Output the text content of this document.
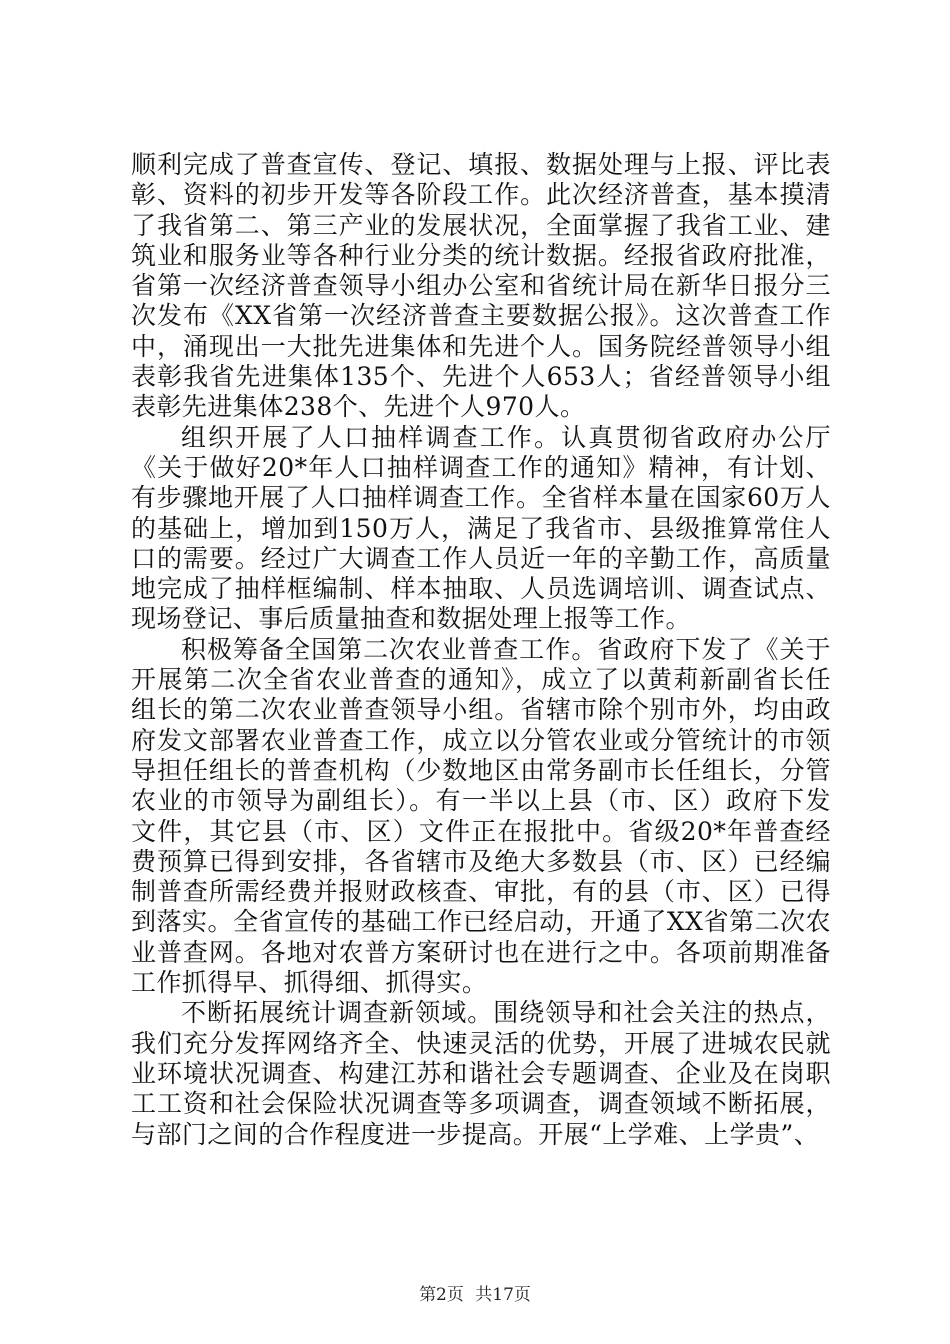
顺利完成了普查宣传、登记、填报、数据处理与上报、评比表彰、资料的初步开发等各阶段工作。此次经济普查，基本摸清了我省第二、第三产业的发展状况，全面掌握了我省工业、建筑业和服务业等各种行业分类的统计数据。经报省政府批准，省第一次经济普查领导小组办公室和省统计局在新华日报分三次发布《XX省第一次经济普查主要数据公报》。这次普查工作中，涌现出一大批先进集体和先进个人。国务院经普领导小组表彰我省先进集体135个、先进个人653人；省经普领导小组表彰先进集体238个、先进个人970人。

组织开展了人口抽样调查工作。认真贯彻省政府办公厅《关于做好20*年人口抽样调查工作的通知》精神，有计划、有步骤地开展了人口抽样调查工作。全省样本量在国家60万人的基础上，增加到150万人，满足了我省市、县级推算常住人口的需要。经过广大调查工作人员近一年的辛勤工作，高质量地完成了抽样框编制、样本抽取、人员选调培训、调查试点、现场登记、事后质量抽查和数据处理上报等工作。

积极筹备全国第二次农业普查工作。省政府下发了《关于开展第二次全省农业普查的通知》，成立了以黄莉新副省长任组长的第二次农业普查领导小组。省辖市除个别市外，均由政府发文部署农业普查工作，成立以分管农业或分管统计的市领导担任组长的普查机构（少数地区由常务副市长任组长，分管农业的市领导为副组长）。有一半以上县（市、区）政府下发文件，其它县（市、区）文件正在报批中。省级20*年普查经费预算已得到安排，各省辖市及绝大多数县（市、区）已经编制普查所需经费并报财政核查、审批，有的县（市、区）已得到落实。全省宣传的基础工作已经启动，开通了XX省第二次农业普查网。各地对农普方案研讨也在进行之中。各项前期准备工作抓得早、抓得细、抓得实。

不断拓展统计调查新领域。围绕领导和社会关注的热点，我们充分发挥网络齐全、快速灵活的优势，开展了进城农民就业环境状况调查、构建江苏和谐社会专题调查、企业及在岗职工工资和社会保险状况调查等多项调查，调查领域不断拓展，与部门之间的合作程度进一步提高。开展“上学难、上学贵”、

第2页 共17页
